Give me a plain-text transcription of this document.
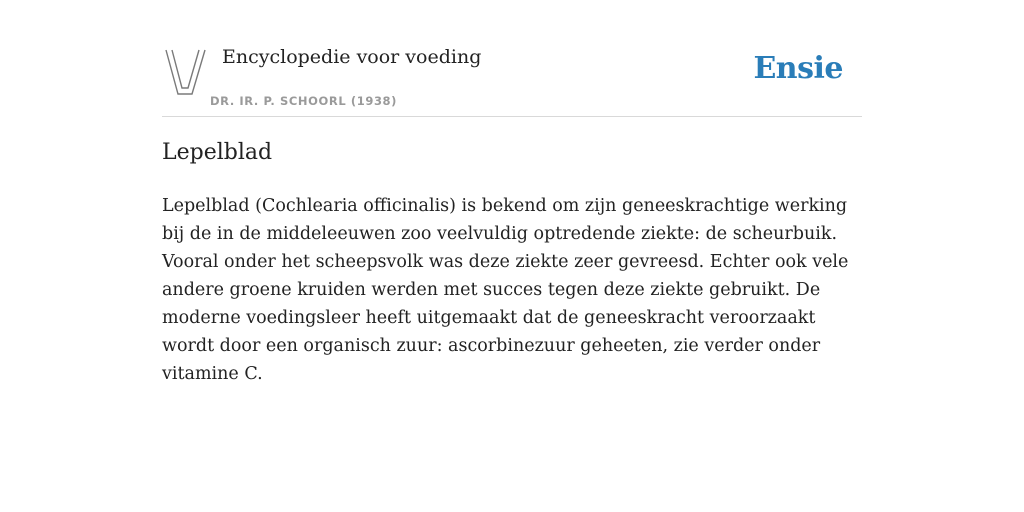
Encyclopedie voor voeding
DR. IR. P. SCHOORL (1938)
Ensie
Lepelblad

Lepelblad (Cochlearia officinalis) is bekend om zijn geneeskrachtige werking bij de in de middeleeuwen zoo veelvuldig optredende ziekte: de scheurbuik. Vooral onder het scheepsvolk was deze ziekte zeer gevreesd. Echter ook vele andere groene kruiden werden met succes tegen deze ziekte gebruikt. De moderne voedingsleer heeft uitgemaakt dat de geneeskracht veroorzaakt wordt door een organisch zuur: ascorbinezuur geheeten, zie verder onder vitamine C.
